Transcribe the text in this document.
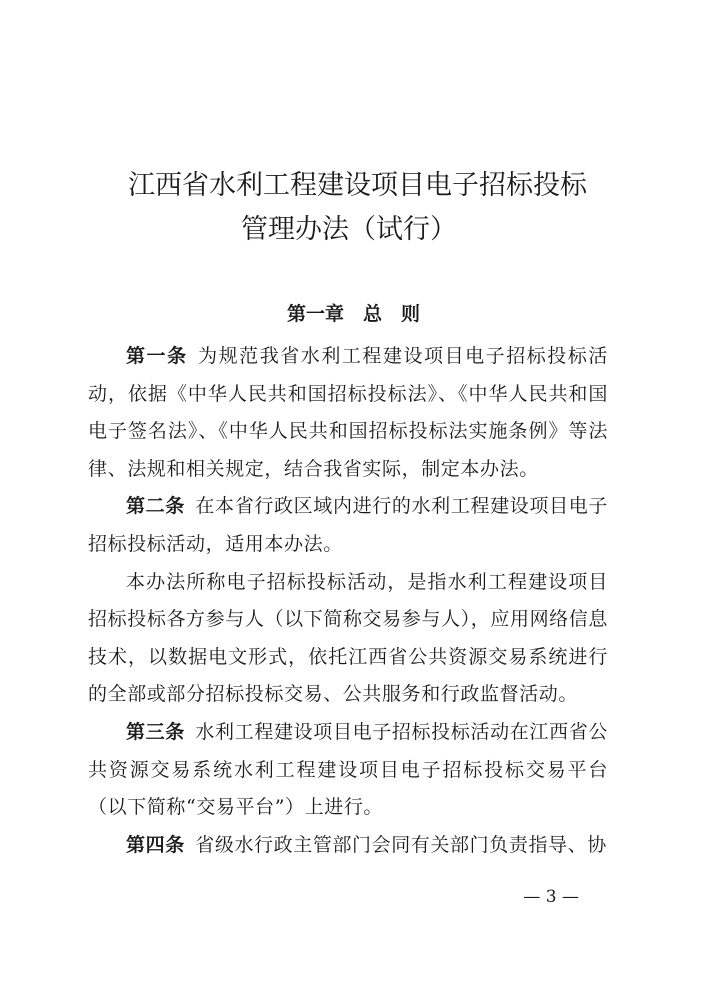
江西省水利工程建设项目电子招标投标
管理办法（试行）
第一章　总　则

第一条 为规范我省水利工程建设项目电子招标投标活动，依据《中华人民共和国招标投标法》、《中华人民共和国电子签名法》、《中华人民共和国招标投标法实施条例》等法律、法规和相关规定，结合我省实际，制定本办法。

第二条 在本省行政区域内进行的水利工程建设项目电子招标投标活动，适用本办法。

本办法所称电子招标投标活动，是指水利工程建设项目招标投标各方参与人（以下简称交易参与人），应用网络信息技术，以数据电文形式，依托江西省公共资源交易系统进行的全部或部分招标投标交易、公共服务和行政监督活动。

第三条 水利工程建设项目电子招标投标活动在江西省公共资源交易系统水利工程建设项目电子招标投标交易平台（以下简称“交易平台”）上进行。

第四条 省级水行政主管部门会同有关部门负责指导、协

— 3 —
